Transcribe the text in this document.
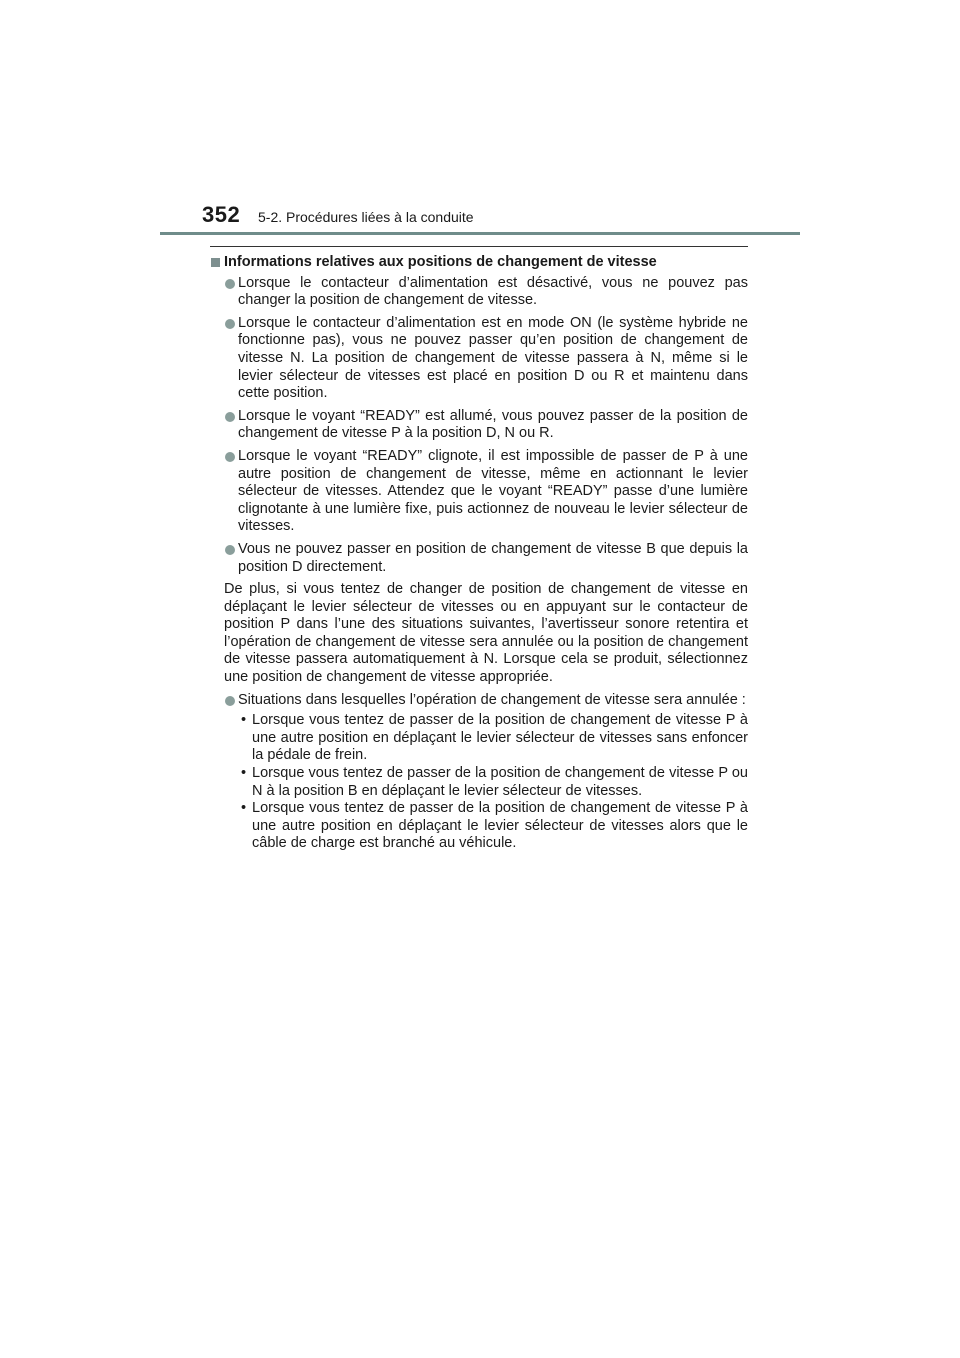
352 5-2. Procédures liées à la conduite
Informations relatives aux positions de changement de vitesse
Lorsque le contacteur d’alimentation est désactivé, vous ne pouvez pas changer la position de changement de vitesse.
Lorsque le contacteur d’alimentation est en mode ON (le système hybride ne fonctionne pas), vous ne pouvez passer qu’en position de changement de vitesse N. La position de changement de vitesse passera à N, même si le levier sélecteur de vitesses est placé en position D ou R et maintenu dans cette position.
Lorsque le voyant “READY” est allumé, vous pouvez passer de la position de changement de vitesse P à la position D, N ou R.
Lorsque le voyant “READY” clignote, il est impossible de passer de P à une autre position de changement de vitesse, même en actionnant le levier sélecteur de vitesses. Attendez que le voyant “READY” passe d’une lumière clignotante à une lumière fixe, puis actionnez de nouveau le levier sélecteur de vitesses.
Vous ne pouvez passer en position de changement de vitesse B que depuis la position D directement.
De plus, si vous tentez de changer de position de changement de vitesse en déplaçant le levier sélecteur de vitesses ou en appuyant sur le contacteur de position P dans l’une des situations suivantes, l’avertisseur sonore retentira et l’opération de changement de vitesse sera annulée ou la position de changement de vitesse passera automatiquement à N. Lorsque cela se produit, sélectionnez une position de changement de vitesse appropriée.
Situations dans lesquelles l’opération de changement de vitesse sera annulée :
• Lorsque vous tentez de passer de la position de changement de vitesse P à une autre position en déplaçant le levier sélecteur de vitesses sans enfoncer la pédale de frein.
• Lorsque vous tentez de passer de la position de changement de vitesse P ou N à la position B en déplaçant le levier sélecteur de vitesses.
• Lorsque vous tentez de passer de la position de changement de vitesse P à une autre position en déplaçant le levier sélecteur de vitesses alors que le câble de charge est branché au véhicule.
